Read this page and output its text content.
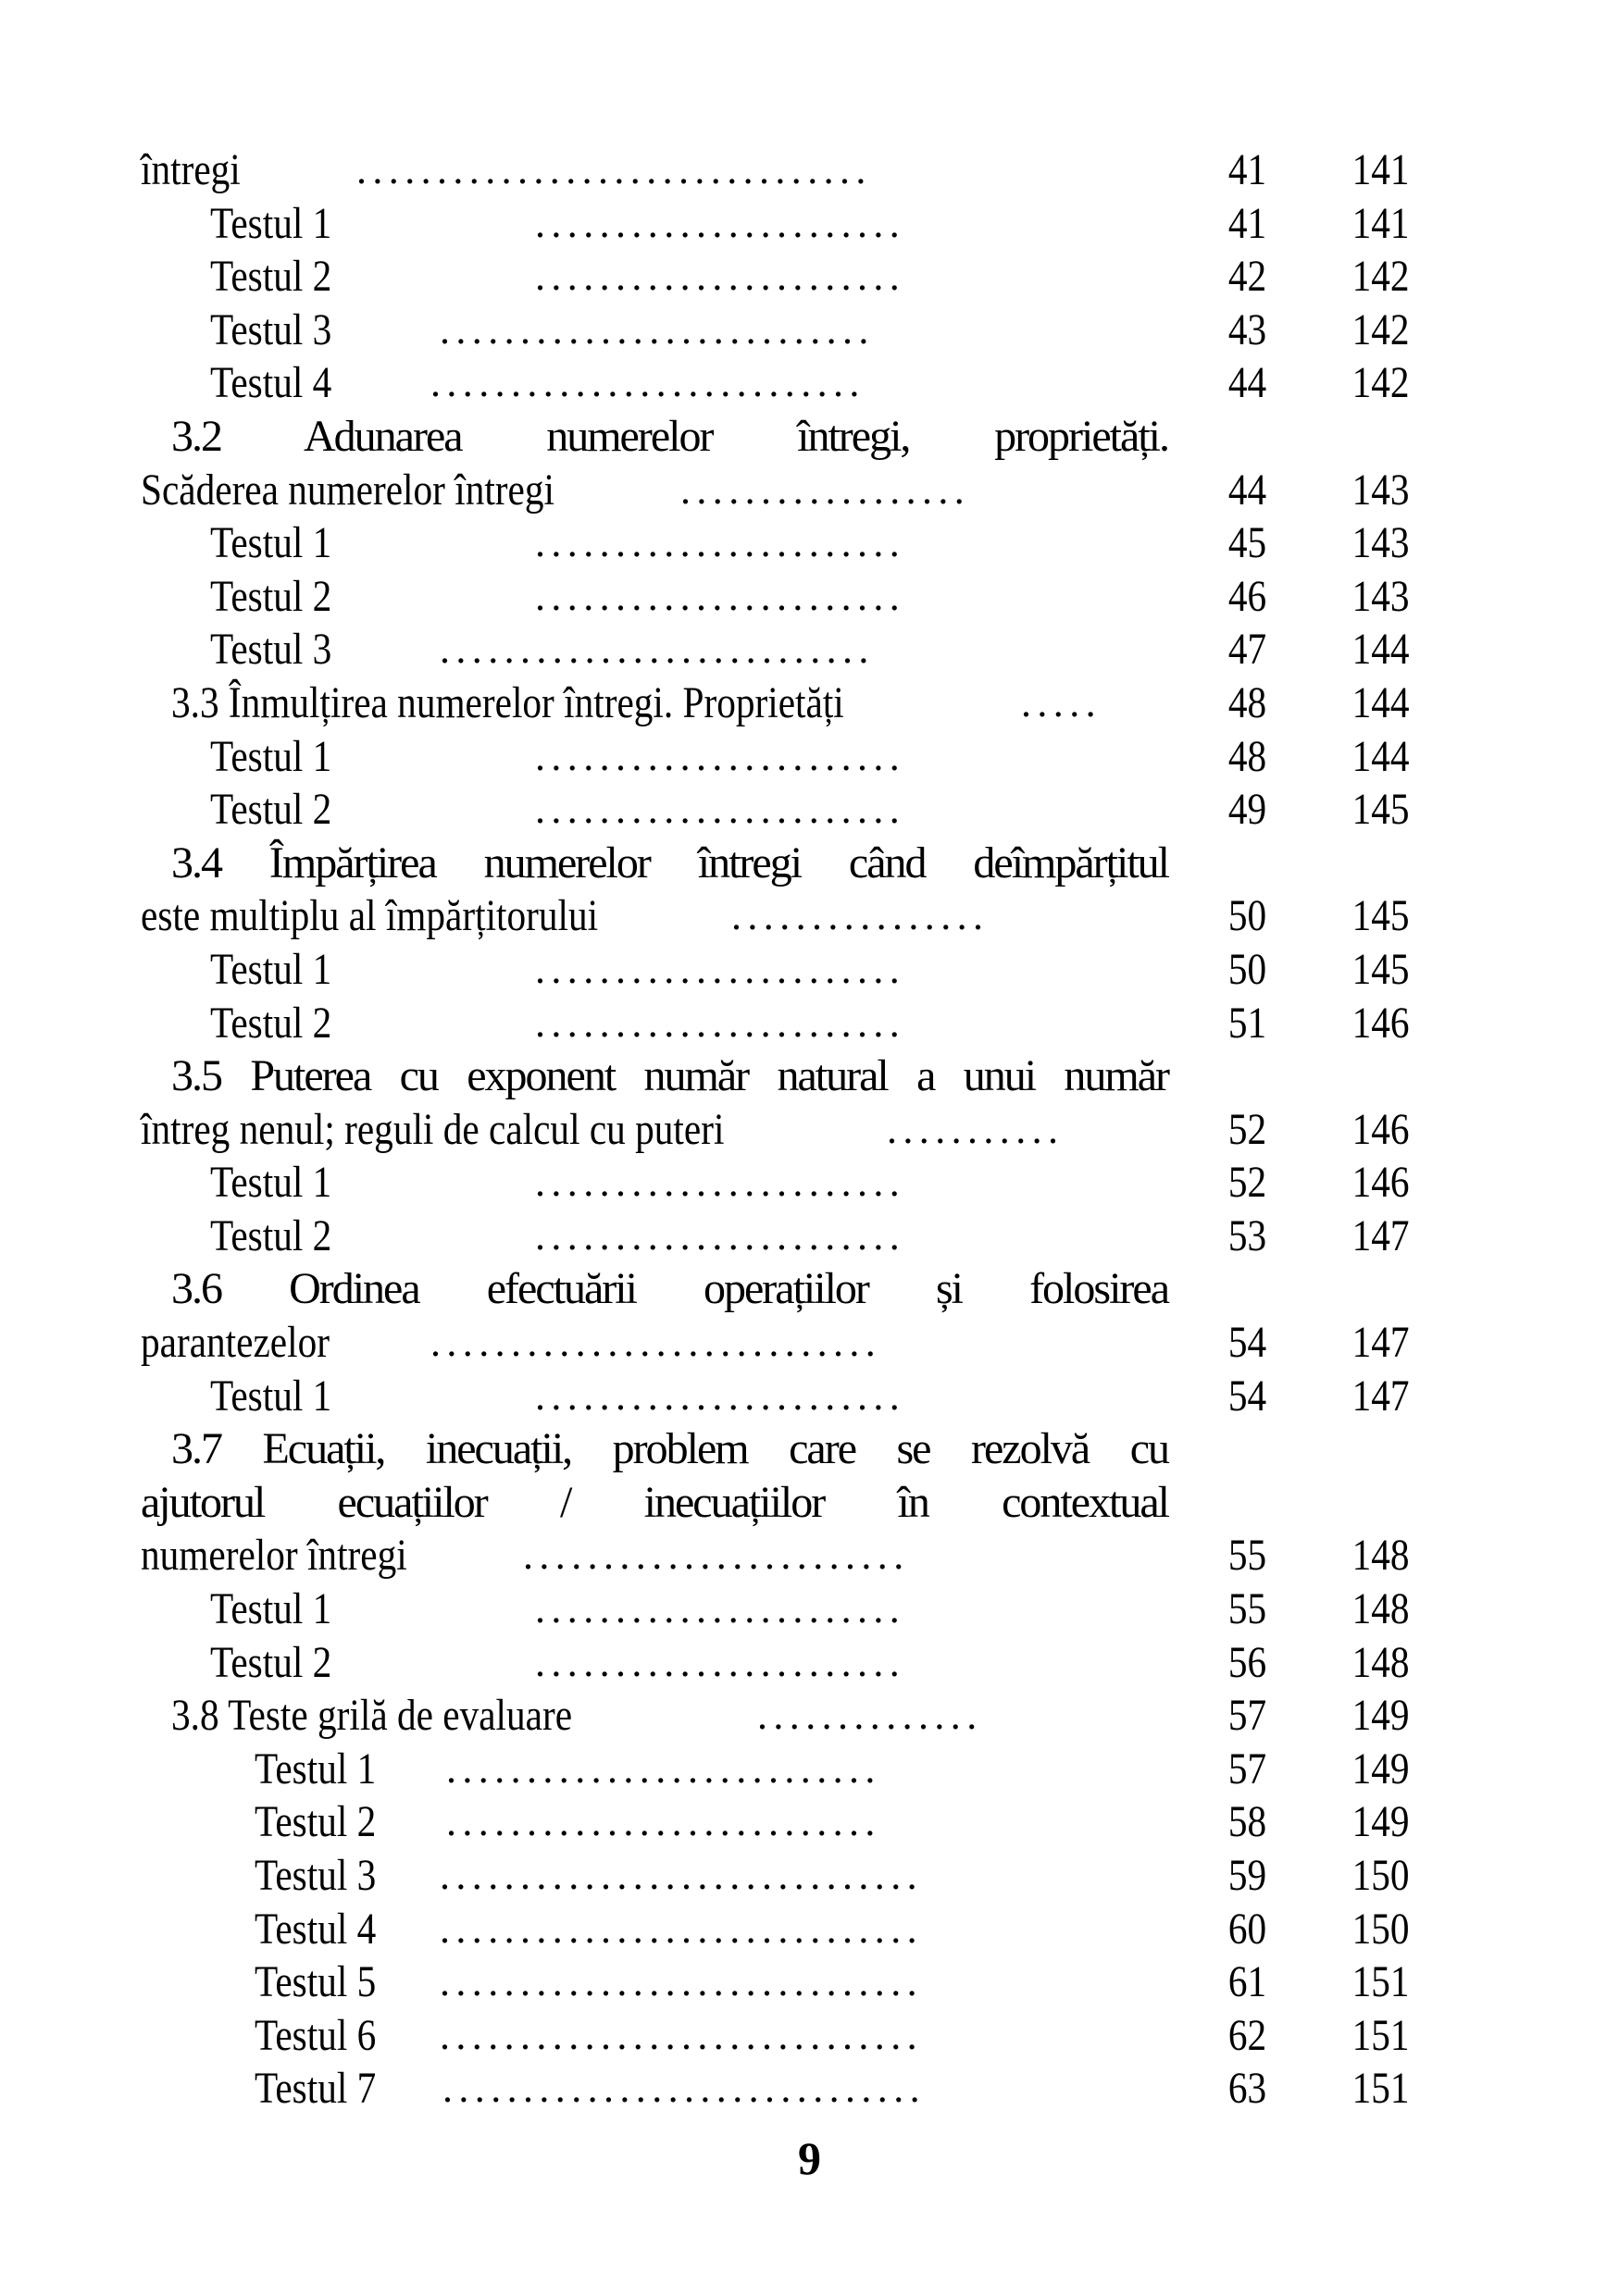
întregi	................................	41	141
Testul 1	.......................	41	141
Testul 2	.......................	42	142
Testul 3	...........................	43	142
Testul 4 ...........................	44	142
3.2 Adunarea numerelor întregi, proprietăți.
Scăderea numerelor întregi	..................	44	143
Testul 1	.......................	45	143
Testul 2	.......................	46	143
Testul 3	...........................	47	144
3.3 Înmulțirea numerelor întregi. Proprietăți	.....	48	144
Testul 1	.......................	48	144
Testul 2	.......................	49	145
3.4 Împărțirea numerelor întregi când deîmpărțitul
este multiplu al împărțitorului	................	50	145
Testul 1	.......................	50	145
Testul 2	.......................	51	146
3.5 Puterea cu exponent număr natural a unui număr
întreg nenul; reguli de calcul cu puteri	...........	52	146
Testul 1	.......................	52	146
Testul 2	.......................	53	147
3.6 Ordinea efectuării operațiilor și folosirea
parantezelor ............................	54	147
Testul 1	.......................	54	147
3.7 Ecuații, inecuații, problem care se rezolvă cu
ajutorul ecuațiilor / inecuațiilor în contextual
numerelor întregi	........................	55	148
Testul 1	.......................	55	148
Testul 2	.......................	56	148
3.8 Teste grilă de evaluare	..............	57	149
Testul 1 ...........................	57	149
Testul 2 ...........................	58	149
Testul 3 ..............................	59	150
Testul 4 ..............................	60	150
Testul 5 ..............................	61	151
Testul 6 ..............................	62	151
Testul 7 ..............................	63	151
9
